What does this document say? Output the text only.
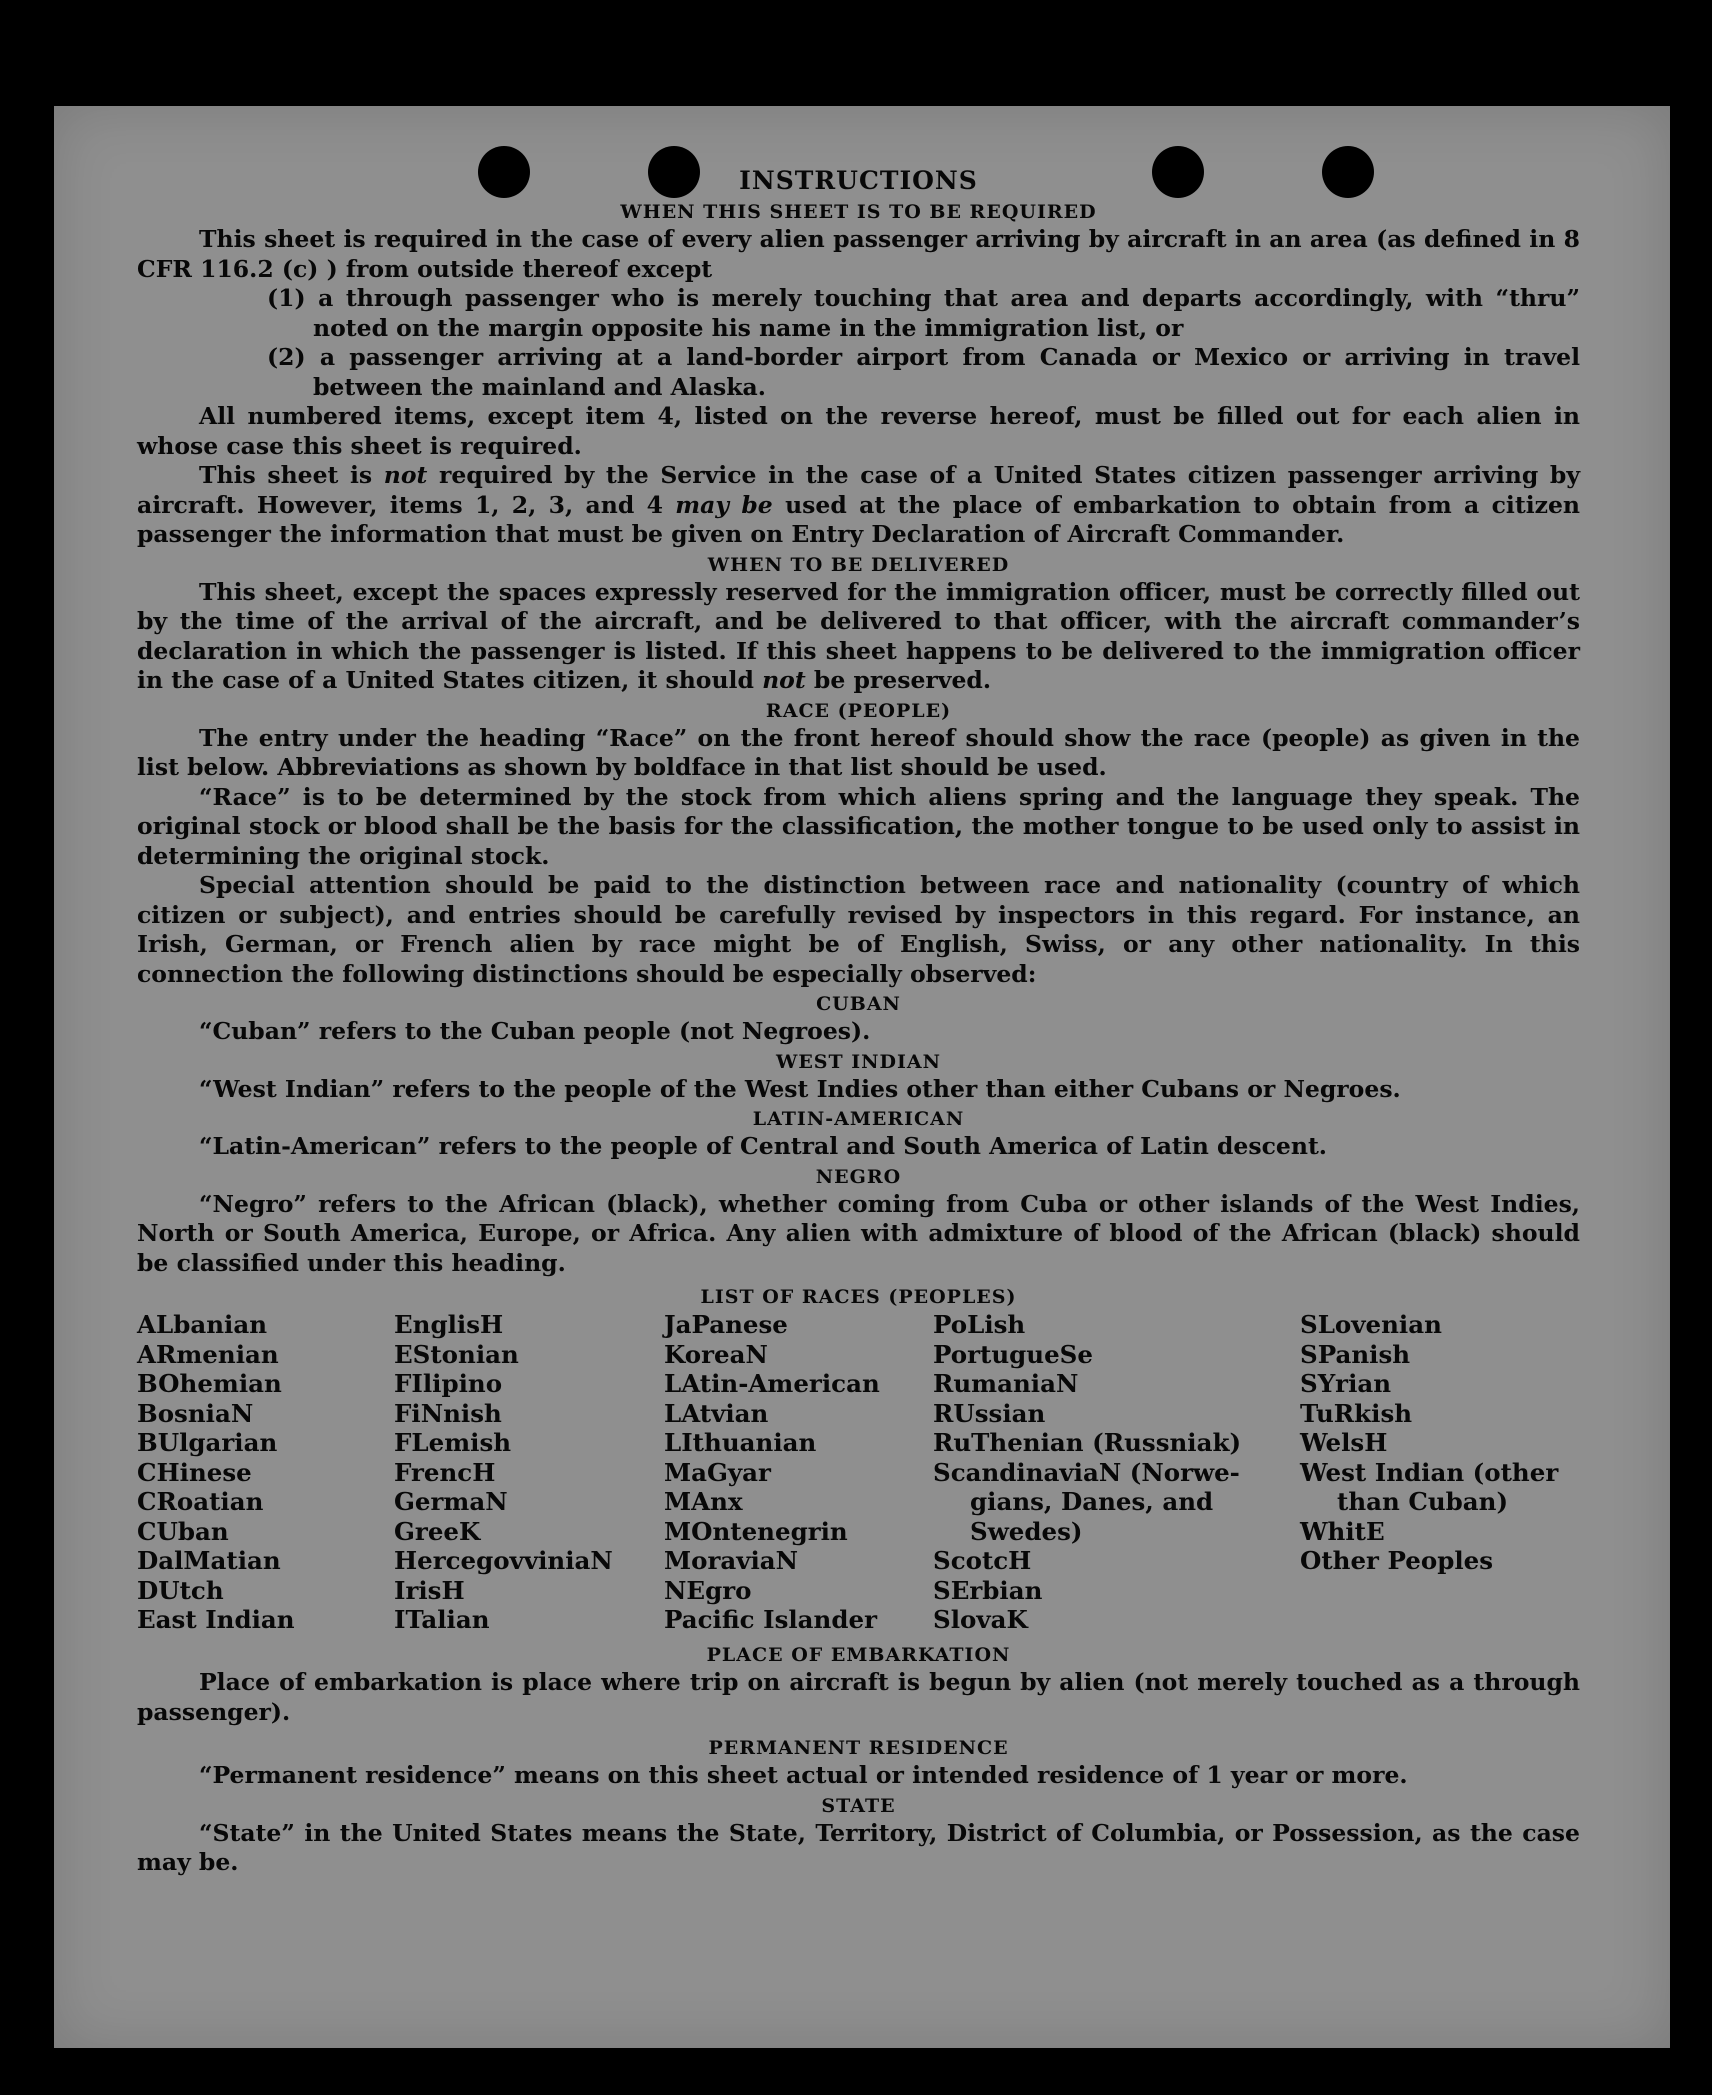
INSTRUCTIONS
WHEN THIS SHEET IS TO BE REQUIRED

This sheet is required in the case of every alien passenger arriving by aircraft in an area (as defined in 8 CFR 116.2 (c) ) from outside thereof except

(1) a through passenger who is merely touching that area and departs accordingly, with “thru” noted on the margin opposite his name in the immigration list, or

(2) a passenger arriving at a land-border airport from Canada or Mexico or arriving in travel between the mainland and Alaska.

All numbered items, except item 4, listed on the reverse hereof, must be filled out for each alien in whose case this sheet is required.

This sheet is not required by the Service in the case of a United States citizen passenger arriving by aircraft. However, items 1, 2, 3, and 4 may be used at the place of embarkation to obtain from a citizen passenger the information that must be given on Entry Declaration of Aircraft Commander.

WHEN TO BE DELIVERED

This sheet, except the spaces expressly reserved for the immigration officer, must be correctly filled out by the time of the arrival of the aircraft, and be delivered to that officer, with the aircraft commander’s declaration in which the passenger is listed. If this sheet happens to be delivered to the immigration officer in the case of a United States citizen, it should not be preserved.

RACE (PEOPLE)

The entry under the heading “Race” on the front hereof should show the race (people) as given in the list below. Abbreviations as shown by boldface in that list should be used.

“Race” is to be determined by the stock from which aliens spring and the language they speak. The original stock or blood shall be the basis for the classification, the mother tongue to be used only to assist in determining the original stock.

Special attention should be paid to the distinction between race and nationality (country of which citizen or subject), and entries should be carefully revised by inspectors in this regard. For instance, an Irish, German, or French alien by race might be of English, Swiss, or any other nationality. In this connection the following distinctions should be especially observed:

CUBAN

“Cuban” refers to the Cuban people (not Negroes).

WEST INDIAN

“West Indian” refers to the people of the West Indies other than either Cubans or Negroes.

LATIN-AMERICAN

“Latin-American” refers to the people of Central and South America of Latin descent.

NEGRO

“Negro” refers to the African (black), whether coming from Cuba or other islands of the West Indies, North or South America, Europe, or Africa. Any alien with admixture of blood of the African (black) should be classified under this heading.

LIST OF RACES (PEOPLES)
ALbanian
ARmenian
BOhemian
BosniaN
BUlgarian
CHinese
CRoatian
CUban
DalMatian
DUtch
East Indian
EnglisH
EStonian
FIlipino
FiNnish
FLemish
FrencH
GermaN
GreeK
HercegovviniaN
IrisH
ITalian
JaPanese
KoreaN
LAtin-American
LAtvian
LIthuanian
MaGyar
MAnx
MOntenegrin
MoraviaN
NEgro
Pacific Islander
PoLish
PortugueSe
RumaniaN
RUssian
RuThenian (Russniak)
ScandinaviaN (Norwe-
gians, Danes, and
Swedes)
ScotcH
SErbian
SlovaK
SLovenian
SPanish
SYrian
TuRkish
WelsH
West Indian (other
than Cuban)
WhitE
Other Peoples
PLACE OF EMBARKATION

Place of embarkation is place where trip on aircraft is begun by alien (not merely touched as a through passenger).

PERMANENT RESIDENCE

“Permanent residence” means on this sheet actual or intended residence of 1 year or more.

STATE

“State” in the United States means the State, Territory, District of Columbia, or Possession, as the case may be.
